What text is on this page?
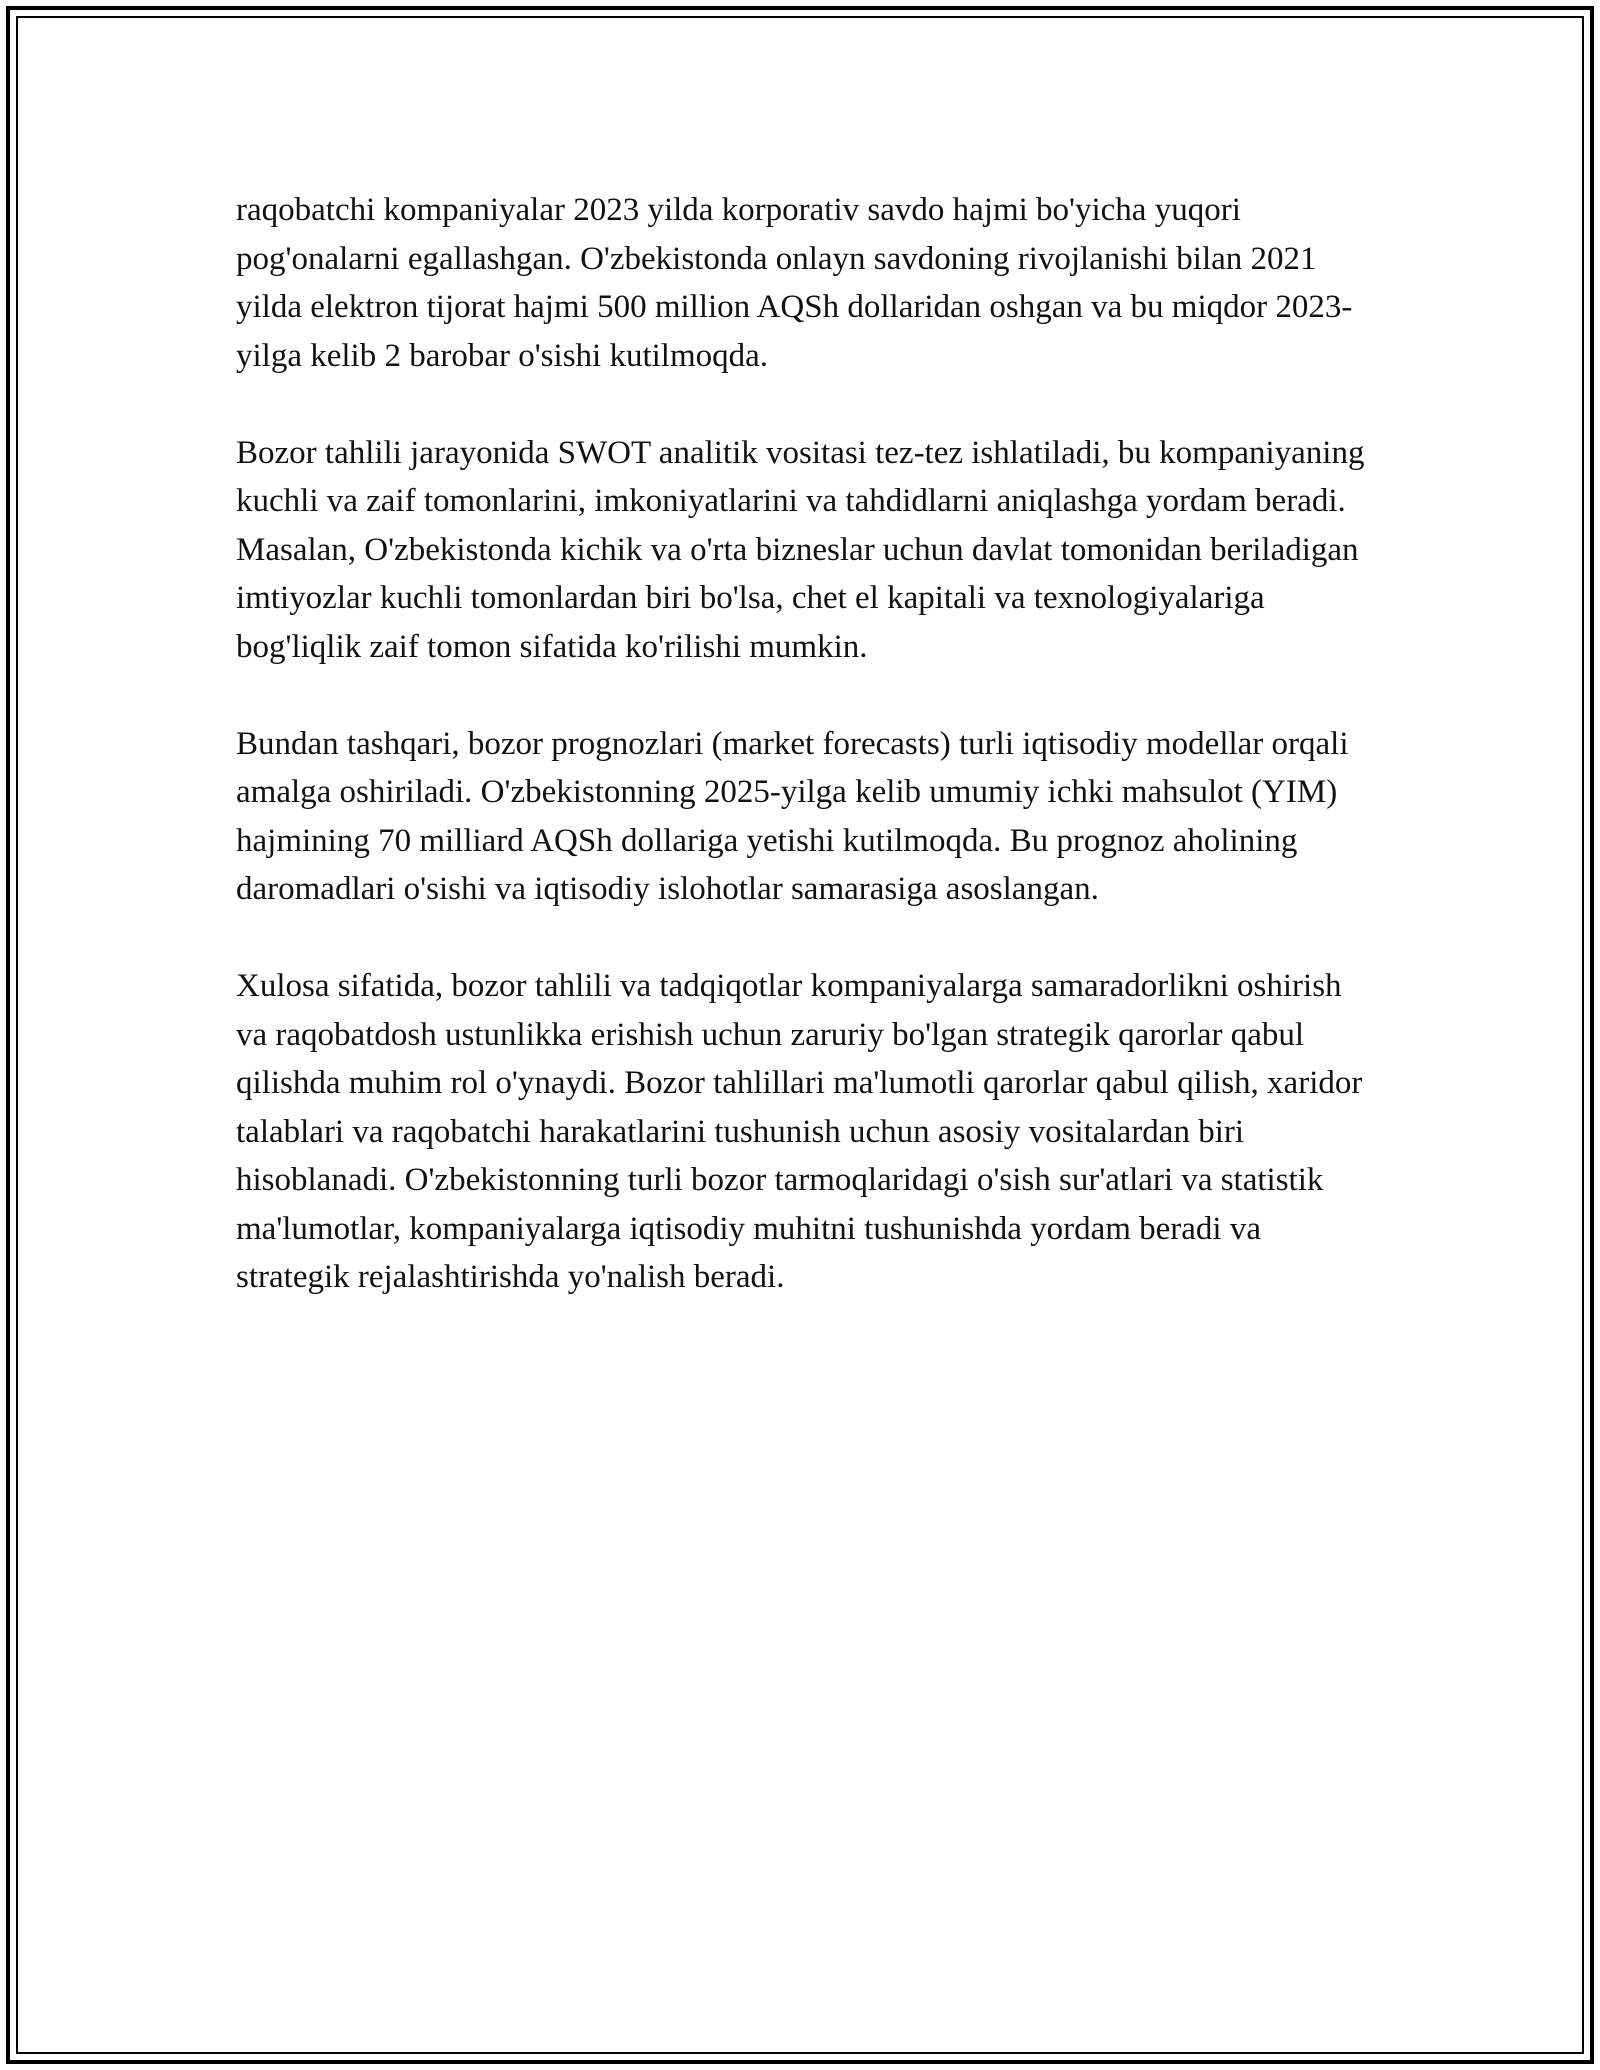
raqobatchi kompaniyalar 2023 yilda korporativ savdo hajmi bo'yicha yuqori pog'onalarni egallashgan. O'zbekistonda onlayn savdoning rivojlanishi bilan 2021 yilda elektron tijorat hajmi 500 million AQSh dollaridan oshgan va bu miqdor 2023-yilga kelib 2 barobar o'sishi kutilmoqda.

Bozor tahlili jarayonida SWOT analitik vositasi tez-tez ishlatiladi, bu kompaniyaning kuchli va zaif tomonlarini, imkoniyatlarini va tahdidlarni aniqlashga yordam beradi. Masalan, O'zbekistonda kichik va o'rta bizneslar uchun davlat tomonidan beriladigan imtiyozlar kuchli tomonlardan biri bo'lsa, chet el kapitali va texnologiyalariga bog'liqlik zaif tomon sifatida ko'rilishi mumkin.

Bundan tashqari, bozor prognozlari (market forecasts) turli iqtisodiy modellar orqali amalga oshiriladi. O'zbekistonning 2025-yilga kelib umumiy ichki mahsulot (YIM) hajmining 70 milliard AQSh dollariga yetishi kutilmoqda. Bu prognoz aholining daromadlari o'sishi va iqtisodiy islohotlar samarasiga asoslangan.

Xulosa sifatida, bozor tahlili va tadqiqotlar kompaniyalarga samaradorlikni oshirish va raqobatdosh ustunlikka erishish uchun zaruriy bo'lgan strategik qarorlar qabul qilishda muhim rol o'ynaydi. Bozor tahlillari ma'lumotli qarorlar qabul qilish, xaridor talablari va raqobatchi harakatlarini tushunish uchun asosiy vositalardan biri hisoblanadi. O'zbekistonning turli bozor tarmoqlaridagi o'sish sur'atlari va statistik ma'lumotlar, kompaniyalarga iqtisodiy muhitni tushunishda yordam beradi va strategik rejalashtirishda yo'nalish beradi.
